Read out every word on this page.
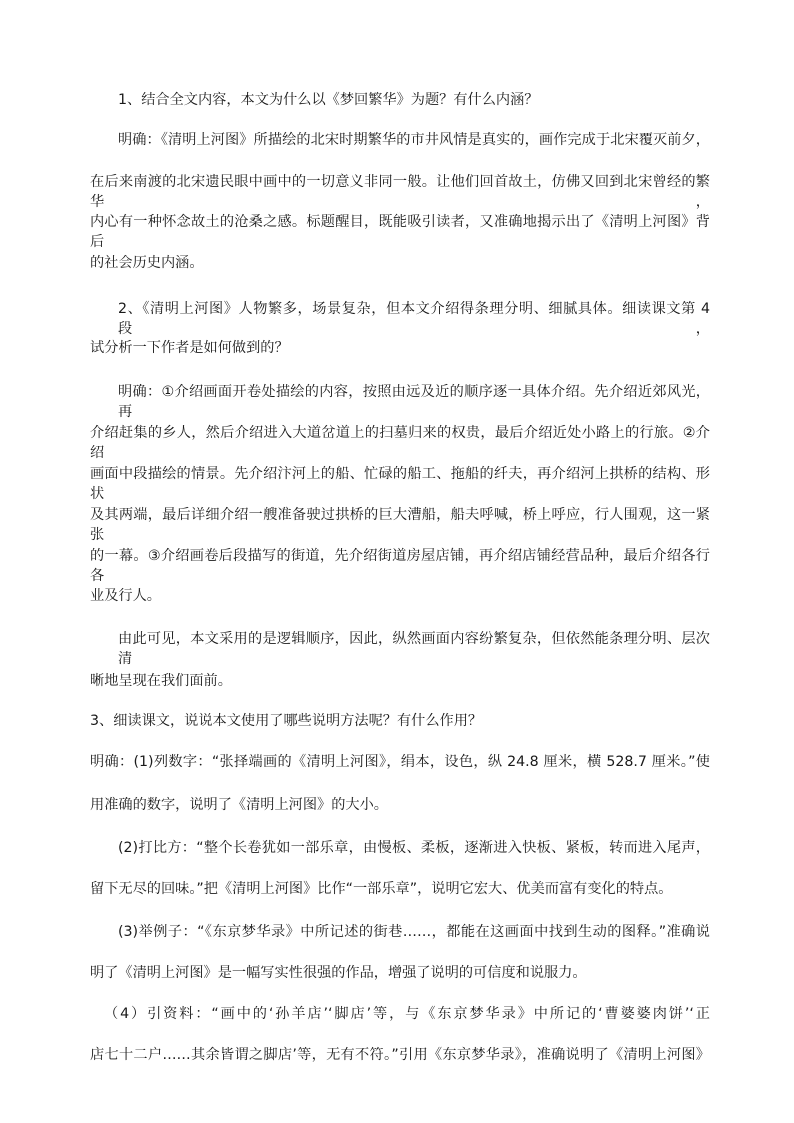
1、结合全文内容，本文为什么以《梦回繁华》为题？有什么内涵？
明确：《清明上河图》所描绘的北宋时期繁华的市井风情是真实的，画作完成于北宋覆灭前夕，
在后来南渡的北宋遗民眼中画中的一切意义非同一般。让他们回首故土，仿佛又回到北宋曾经的繁华，
内心有一种怀念故土的沧桑之感。标题醒目，既能吸引读者，又准确地揭示出了《清明上河图》背后
的社会历史内涵。
2、《清明上河图》人物繁多，场景复杂，但本文介绍得条理分明、细腻具体。细读课文第 4 段，
试分析一下作者是如何做到的？
明确：①介绍画面开卷处描绘的内容，按照由远及近的顺序逐一具体介绍。先介绍近郊风光，再
介绍赶集的乡人，然后介绍进入大道岔道上的扫墓归来的权贵，最后介绍近处小路上的行旅。②介绍
画面中段描绘的情景。先介绍汴河上的船、忙碌的船工、拖船的纤夫，再介绍河上拱桥的结构、形状
及其两端，最后详细介绍一艘准备驶过拱桥的巨大漕船，船夫呼喊，桥上呼应，行人围观，这一紧张
的一幕。③介绍画卷后段描写的街道，先介绍街道房屋店铺，再介绍店铺经营品种，最后介绍各行各
业及行人。
由此可见，本文采用的是逻辑顺序，因此，纵然画面内容纷繁复杂，但依然能条理分明、层次清
晰地呈现在我们面前。
3、细读课文，说说本文使用了哪些说明方法呢？有什么作用？
明确：(1)列数字：“张择端画的《清明上河图》，绢本，设色，纵 24.8 厘米，横 528.7 厘米。”使
用准确的数字，说明了《清明上河图》的大小。
(2)打比方：“整个长卷犹如一部乐章，由慢板、柔板，逐渐进入快板、紧板，转而进入尾声，
留下无尽的回味。”把《清明上河图》比作“一部乐章”，说明它宏大、优美而富有变化的特点。
(3)举例子：“《东京梦华录》中所记述的街巷……，都能在这画面中找到生动的图释。”准确说
明了《清明上河图》是一幅写实性很强的作品，增强了说明的可信度和说服力。
（4）引资料：“画中的‘孙羊店’‘脚店’等，与《东京梦华录》中所记的‘曹婆婆肉饼’‘正
店七十二户……其余皆谓之脚店’等，无有不符。”引用《东京梦华录》，准确说明了《清明上河图》
